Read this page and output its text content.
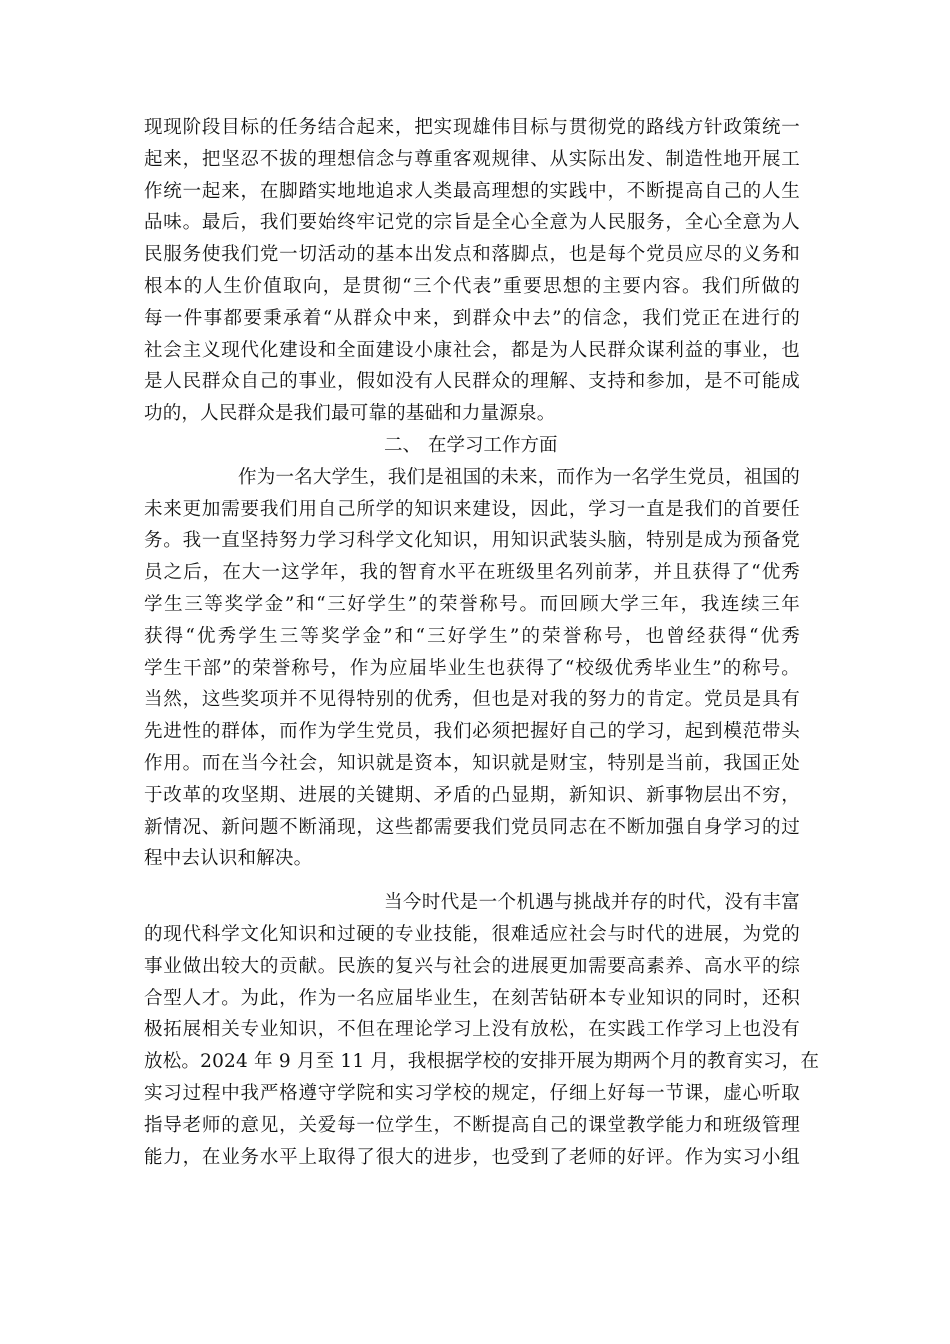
现现阶段目标的任务结合起来，把实现雄伟目标与贯彻党的路线方针政策统一
起来，把坚忍不拔的理想信念与尊重客观规律、从实际出发、制造性地开展工
作统一起来，在脚踏实地地追求人类最高理想的实践中，不断提高自己的人生
品味。最后，我们要始终牢记党的宗旨是全心全意为人民服务，全心全意为人
民服务使我们党一切活动的基本出发点和落脚点，也是每个党员应尽的义务和
根本的人生价值取向，是贯彻“三个代表”重要思想的主要内容。我们所做的
每一件事都要秉承着“从群众中来，到群众中去”的信念，我们党正在进行的
社会主义现代化建设和全面建设小康社会，都是为人民群众谋利益的事业，也
是人民群众自己的事业，假如没有人民群众的理解、支持和参加，是不可能成
功的，人民群众是我们最可靠的基础和力量源泉。
二、 在学习工作方面
作为一名大学生，我们是祖国的未来，而作为一名学生党员，祖国的
未来更加需要我们用自己所学的知识来建设，因此，学习一直是我们的首要任
务。我一直坚持努力学习科学文化知识，用知识武装头脑，特别是成为预备党
员之后，在大一这学年，我的智育水平在班级里名列前茅，并且获得了“优秀
学生三等奖学金”和“三好学生”的荣誉称号。而回顾大学三年，我连续三年
获得“优秀学生三等奖学金”和“三好学生”的荣誉称号，也曾经获得“优秀
学生干部”的荣誉称号，作为应届毕业生也获得了“校级优秀毕业生”的称号。
当然，这些奖项并不见得特别的优秀，但也是对我的努力的肯定。党员是具有
先进性的群体，而作为学生党员，我们必须把握好自己的学习，起到模范带头
作用。而在当今社会，知识就是资本，知识就是财宝，特别是当前，我国正处
于改革的攻坚期、进展的关键期、矛盾的凸显期，新知识、新事物层出不穷，
新情况、新问题不断涌现，这些都需要我们党员同志在不断加强自身学习的过
程中去认识和解决。
当今时代是一个机遇与挑战并存的时代，没有丰富
的现代科学文化知识和过硬的专业技能，很难适应社会与时代的进展，为党的
事业做出较大的贡献。民族的复兴与社会的进展更加需要高素养、高水平的综
合型人才。为此，作为一名应届毕业生，在刻苦钻研本专业知识的同时，还积
极拓展相关专业知识，不但在理论学习上没有放松，在实践工作学习上也没有
放松。2024 年 9 月至 11 月，我根据学校的安排开展为期两个月的教育实习，在
实习过程中我严格遵守学院和实习学校的规定，仔细上好每一节课，虚心听取
指导老师的意见，关爱每一位学生，不断提高自己的课堂教学能力和班级管理
能力，在业务水平上取得了很大的进步，也受到了老师的好评。作为实习小组
